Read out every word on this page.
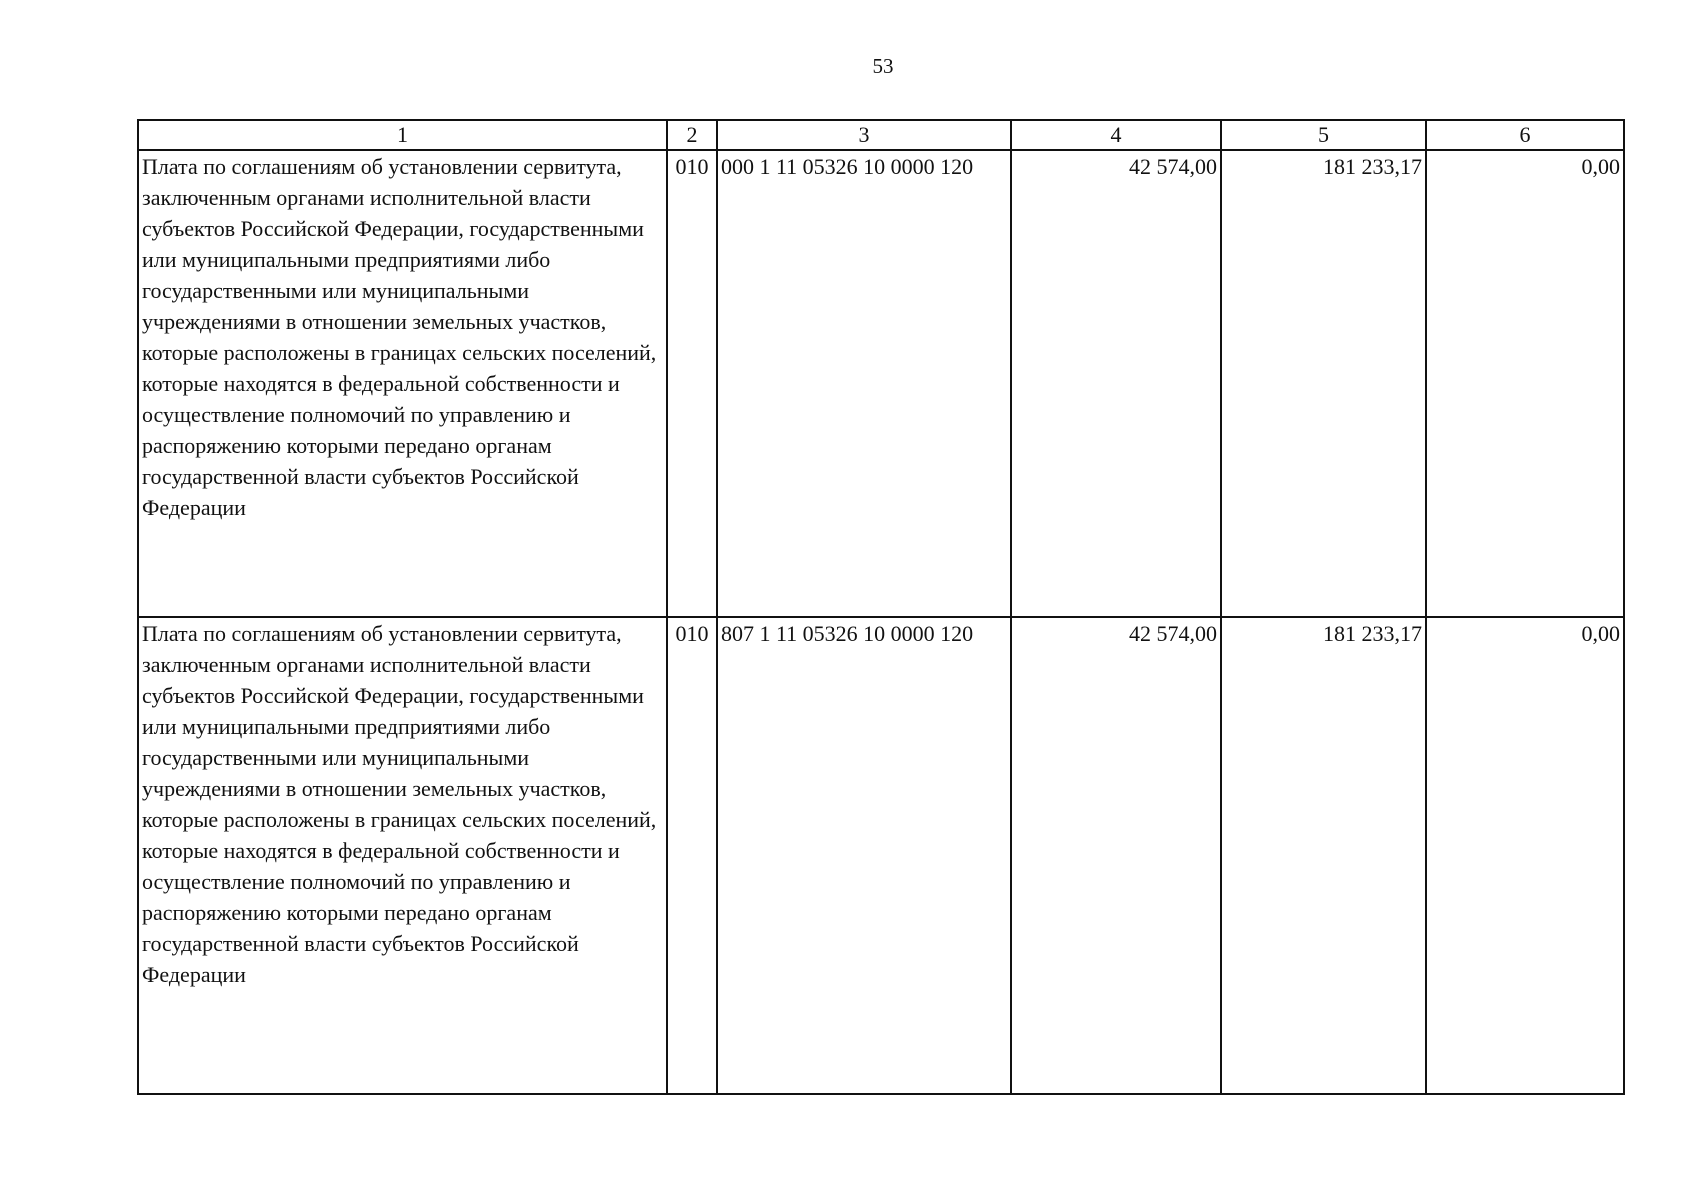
53
1	2	3	4	5	6
Плата по соглашениям об установлении сервитута, заключенным органами исполнительной власти субъектов Российской Федерации, государственными или муниципальными предприятиями либо государственными или муниципальными учреждениями в отношении земельных участков, которые расположены в границах сельских поселений, которые находятся в федеральной собственности и осуществление полномочий по управлению и распоряжению которыми передано органам государственной власти субъектов Российской Федерации	010	000 1 11 05326 10 0000 120	42 574,00	181 233,17	0,00
Плата по соглашениям об установлении сервитута, заключенным органами исполнительной власти субъектов Российской Федерации, государственными или муниципальными предприятиями либо государственными или муниципальными учреждениями в отношении земельных участков, которые расположены в границах сельских поселений, которые находятся в федеральной собственности и осуществление полномочий по управлению и распоряжению которыми передано органам государственной власти субъектов Российской Федерации	010	807 1 11 05326 10 0000 120	42 574,00	181 233,17	0,00
